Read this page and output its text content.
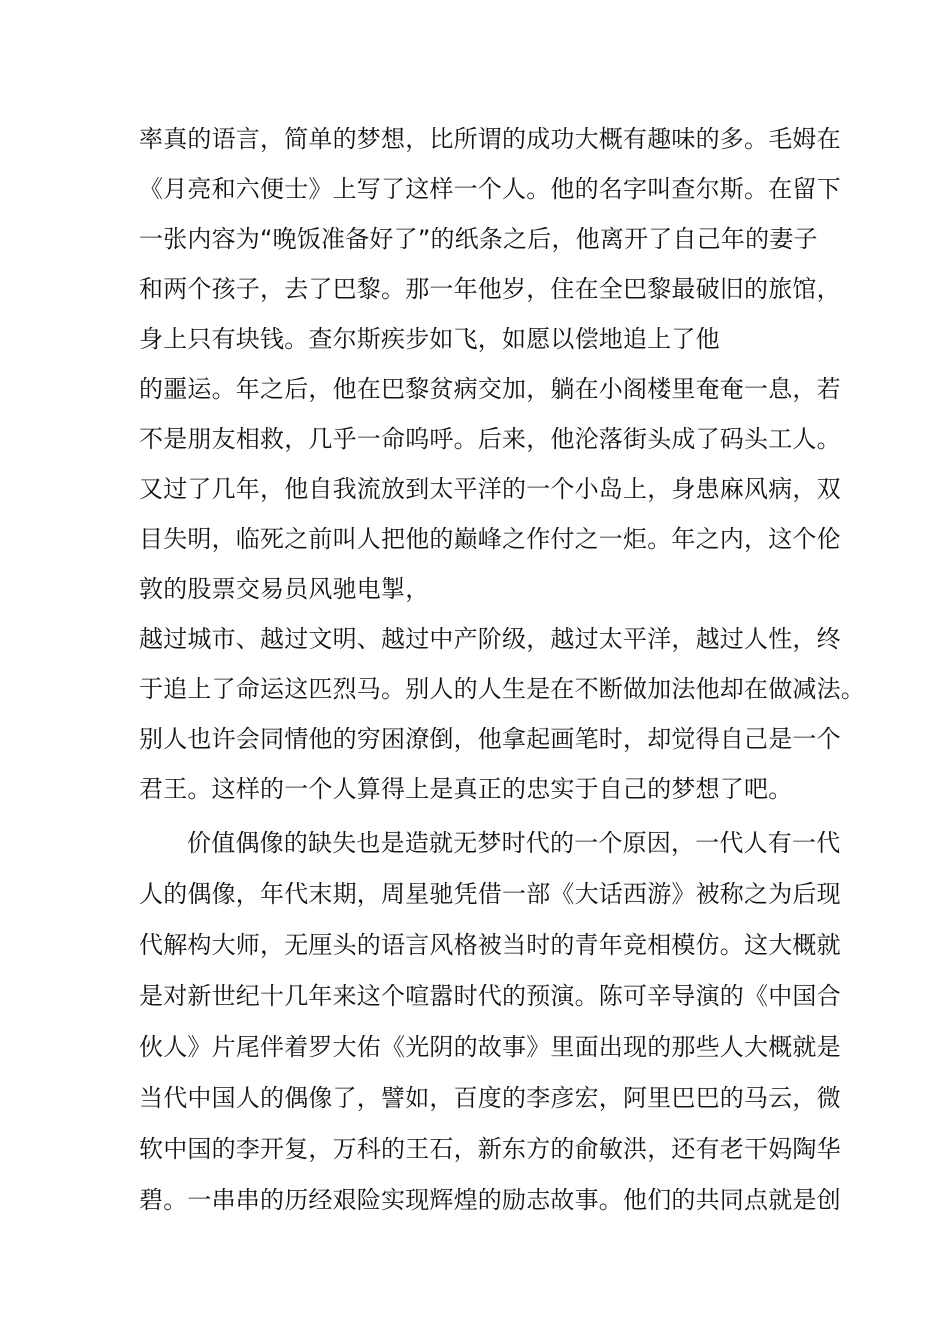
率真的语言，简单的梦想，比所谓的成功大概有趣味的多。毛姆在
《月亮和六便士》上写了这样一个人。他的名字叫查尔斯。在留下
一张内容为“晚饭准备好了”的纸条之后，他离开了自己年的妻子
和两个孩子，去了巴黎。那一年他岁，住在全巴黎最破旧的旅馆，
身上只有块钱。查尔斯疾步如飞，如愿以偿地追上了他
的噩运。年之后，他在巴黎贫病交加，躺在小阁楼里奄奄一息，若
不是朋友相救，几乎一命呜呼。后来，他沦落街头成了码头工人。
又过了几年，他自我流放到太平洋的一个小岛上，身患麻风病，双
目失明，临死之前叫人把他的巅峰之作付之一炬。年之内，这个伦
敦的股票交易员风驰电掣，
越过城市、越过文明、越过中产阶级，越过太平洋，越过人性，终
于追上了命运这匹烈马。别人的人生是在不断做加法他却在做减法。
别人也许会同情他的穷困潦倒，他拿起画笔时，却觉得自己是一个
君王。这样的一个人算得上是真正的忠实于自己的梦想了吧。
价值偶像的缺失也是造就无梦时代的一个原因，一代人有一代
人的偶像，年代末期，周星驰凭借一部《大话西游》被称之为后现
代解构大师，无厘头的语言风格被当时的青年竞相模仿。这大概就
是对新世纪十几年来这个喧嚣时代的预演。陈可辛导演的《中国合
伙人》片尾伴着罗大佑《光阴的故事》里面出现的那些人大概就是
当代中国人的偶像了，譬如，百度的李彦宏，阿里巴巴的马云，微
软中国的李开复，万科的王石，新东方的俞敏洪，还有老干妈陶华
碧。一串串的历经艰险实现辉煌的励志故事。他们的共同点就是创
